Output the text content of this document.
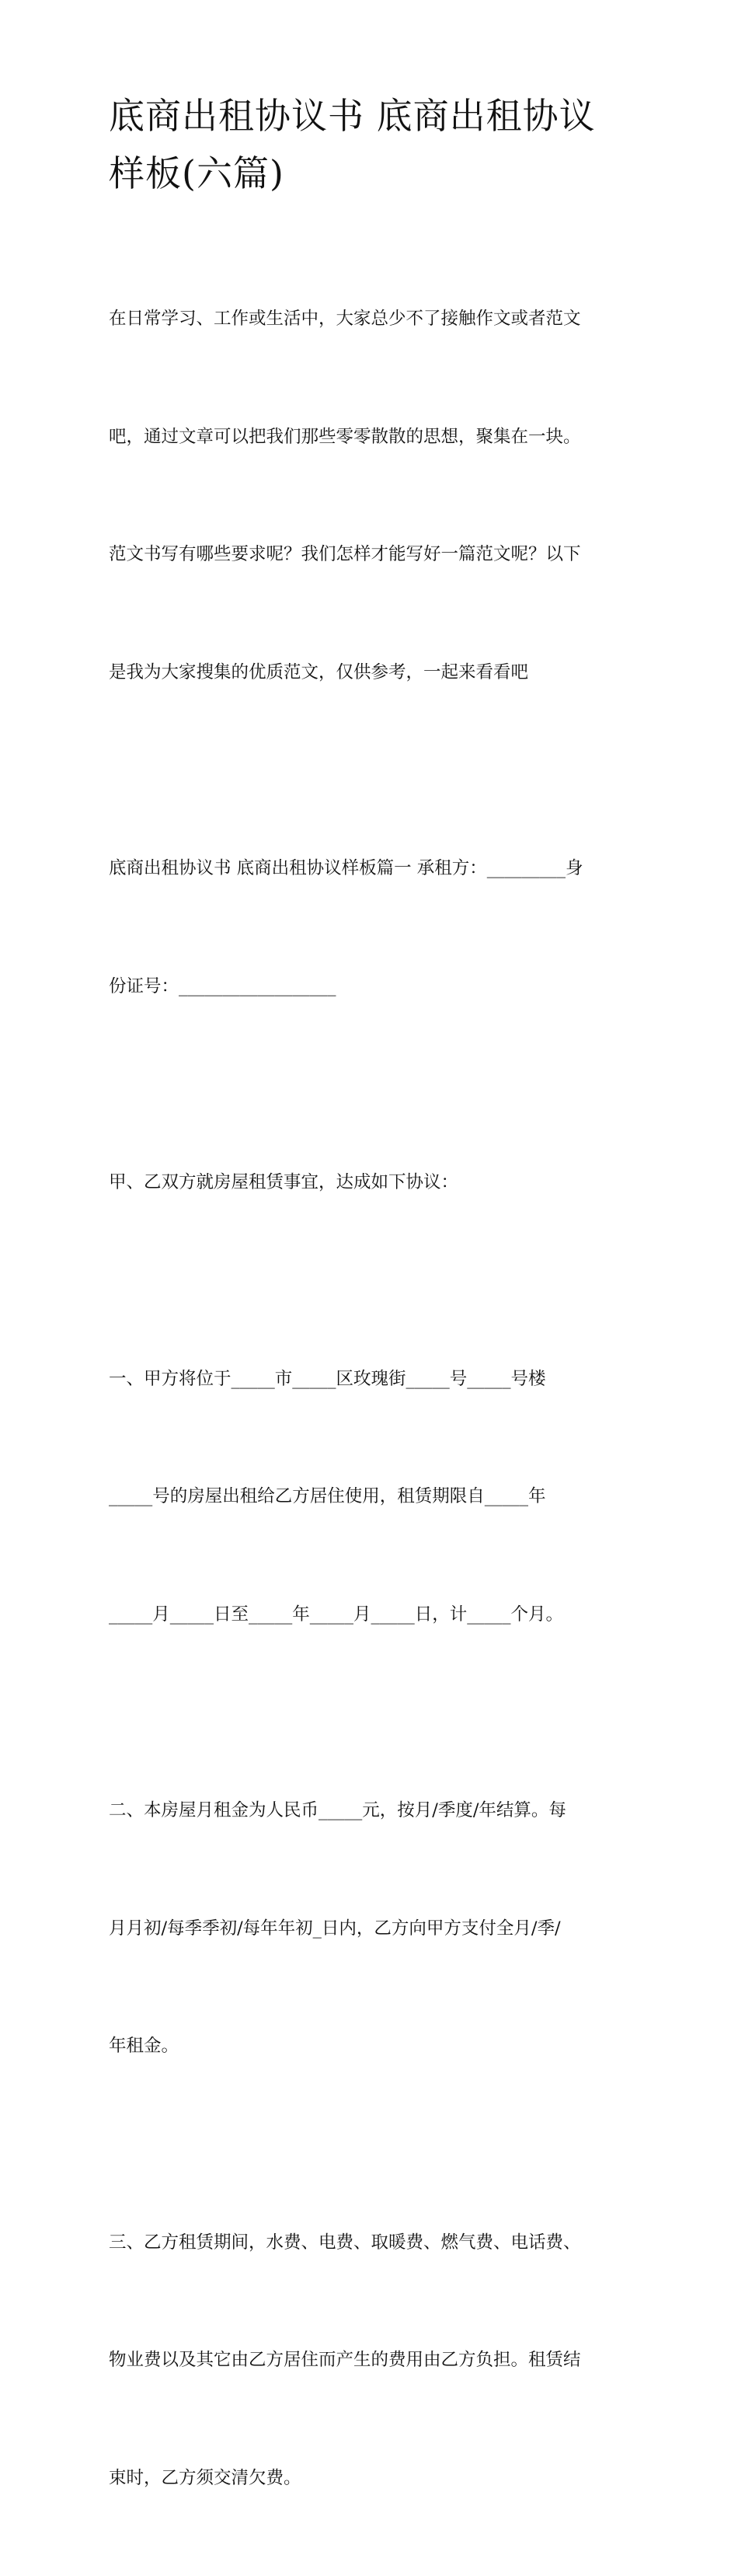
底商出租协议书 底商出租协议
样板(六篇)

在日常学习、工作或生活中，大家总少不了接触作文或者范文

吧，通过文章可以把我们那些零零散散的思想，聚集在一块。

范文书写有哪些要求呢？我们怎样才能写好一篇范文呢？以下

是我为大家搜集的优质范文，仅供参考，一起来看看吧

底商出租协议书 底商出租协议样板篇一 承租方：_________身

份证号：__________________

甲、乙双方就房屋租赁事宜，达成如下协议：

一、甲方将位于_____市_____区玫瑰街_____号_____号楼

_____号的房屋出租给乙方居住使用，租赁期限自_____年

_____月_____日至_____年_____月_____日，计_____个月。

二、本房屋月租金为人民币_____元，按月/季度/年结算。每

月月初/每季季初/每年年初_日内，乙方向甲方支付全月/季/

年租金。

三、乙方租赁期间，水费、电费、取暖费、燃气费、电话费、

物业费以及其它由乙方居住而产生的费用由乙方负担。租赁结

束时，乙方须交清欠费。
